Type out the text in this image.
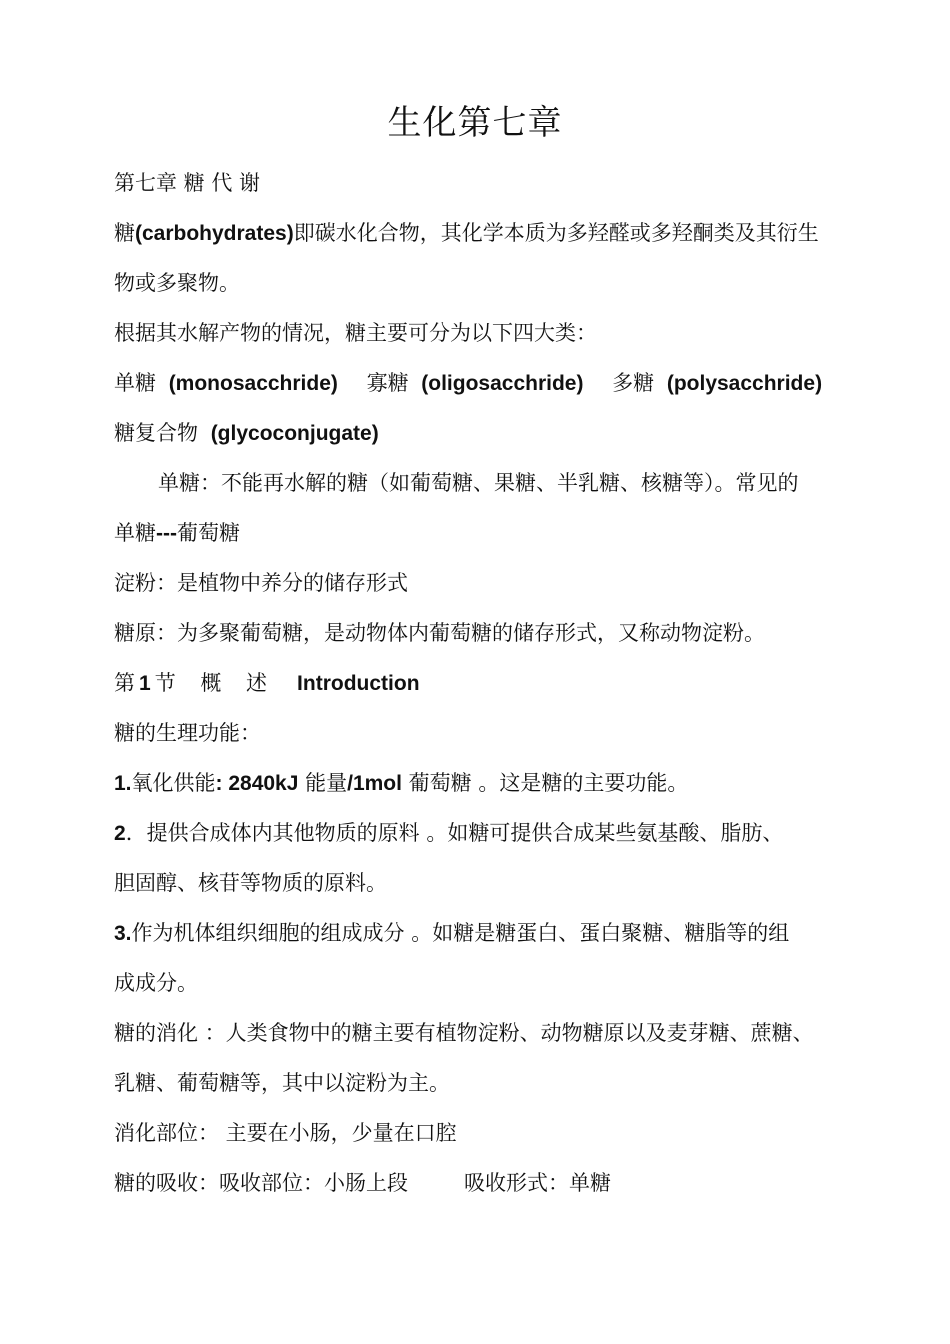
生化第七章
第七章 糖 代 谢
糖(carbohydrates)即碳水化合物，其化学本质为多羟醛或多羟酮类及其衍生
物或多聚物。
根据其水解产物的情况，糖主要可分为以下四大类：
单糖 (monosacchride) 寡糖 (oligosacchride) 多糖 (polysacchride)
糖复合物 (glycoconjugate)
单糖：不能再水解的糖（如葡萄糖、果糖、半乳糖、核糖等）。常见的
单糖---葡萄糖
淀粉：是植物中养分的储存形式
糖原：为多聚葡萄糖，是动物体内葡萄糖的储存形式，又称动物淀粉。
第 1 节 概 述 Introduction
糖的生理功能：
1.氧化供能: 2840kJ 能量/1mol 葡萄糖 。这是糖的主要功能。
2．提供合成体内其他物质的原料 。如糖可提供合成某些氨基酸、脂肪、
胆固醇、核苷等物质的原料。
3.作为机体组织细胞的组成成分 。如糖是糖蛋白、蛋白聚糖、糖脂等的组
成成分。
糖的消化 ：人类食物中的糖主要有植物淀粉、动物糖原以及麦芽糖、蔗糖、
乳糖、葡萄糖等，其中以淀粉为主。
消化部位： 主要在小肠，少量在口腔
糖的吸收：吸收部位：小肠上段	吸收形式：单糖
